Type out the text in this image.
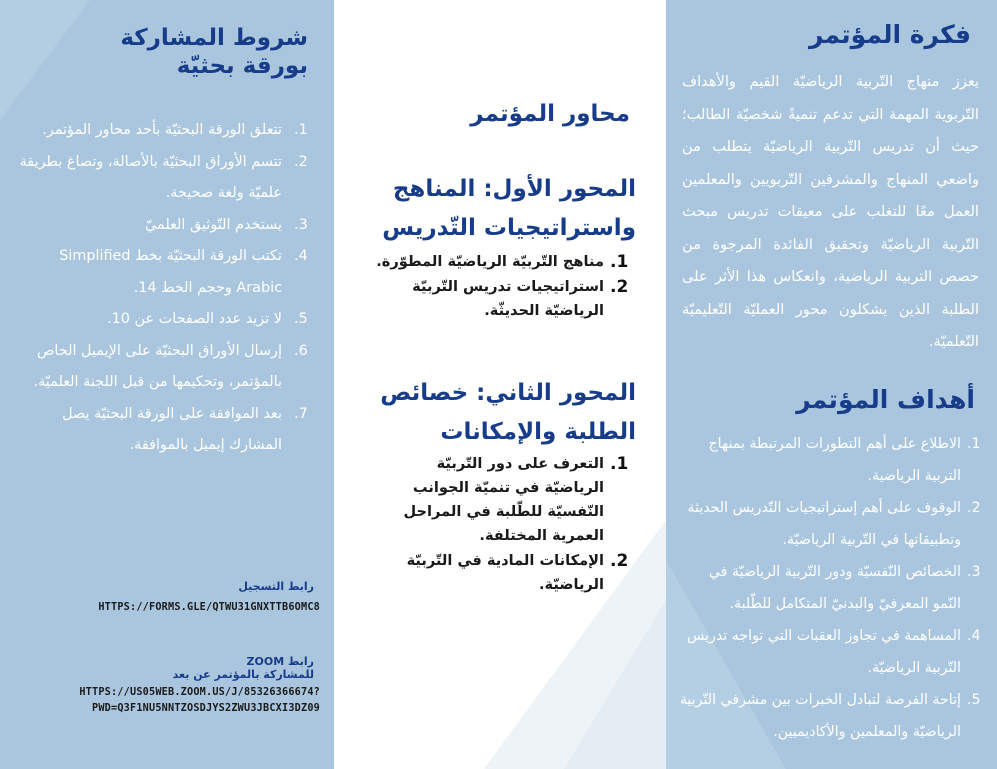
فكرة المؤتمر

يعزز منهاج التّربية الرياضيّة القيم والأهداف التّربوية المهمة التي تدعم تنميةً شخصيّة الطالب؛ حيث أن تدريس التّربية الرياضيّة يتطلب من واضعي المنهاج والمشرفين التّربويين والمعلمين العمل معًا للتغلب على معيقات تدريس مبحث التّربية الرياضيّة وتحقيق الفائدة المرجوة من حصص التربية الرياضية، وانعكاس هذا الأثر على الطلبة الذين يشكلون محور العمليّة التّعليميّة التّعلميّة.

أهداف المؤتمر
1.
الاطلاع على أهم التطورات المرتبطة بمنهاج التربية الرياضية.
2.
الوقوف على أهم إستراتيجيات التّدريس الحديثة وتطبيقاتها في التّربية الرياضيّة.
3.
الخصائص النّفسيّة ودور التّربية الرياضيّة في النّمو المعرفيّ والبدنيّ المتكامل للطّلبة.
4.
المساهمة في تجاوز العقبات التي تواجه تدريس التّربية الرياضيّة.
5.
إتاحة الفرصة لتبادل الخبرات بين مشرفي التّربية الرياضيّة والمعلمين والأكاديميين.
محاور المؤتمر
المحور الأول: المناهج واستراتيجيات التّدريس
1.
مناهج التّربيّة الرياضيّة المطوّرة.
2.
استراتيجيات تدريس التّربيّة الرياضيّة الحديثّة.
المحور الثاني: خصائص الطلبة والإمكانات
1.
التعرف على دور التّربيّة الرياضيّة في تنميّة الجوانب النّفسيّة للطّلبة في المراحل العمرية المختلفة.
2.
الإمكانات المادية في التّربيّة الرياضيّة.
شروط المشاركة
بورقة بحثيّة
1.
تتعلق الورقة البحثيّة بأحد محاور المؤتمر.
2.
تتسم الأوراق البحثيّة بالأصالة، وتصاغ بطريقة علميّة ولغة صحيحة.
3.
يستخدم التّوثيق العلميّ
4.
تكتب الورقة البحثيّة بخط Simplified Arabic وحجم الخط 14.
5.
لا تزيد عدد الصفحات عن 10.
6.
إرسال الأوراق البحثيّة على الإيميل الخاص بالمؤتمر، وتحكيمها من قبل اللجنة العلميّة.
7.
بعد الموافقة على الورقة البحثيّة يصل المشارك إيميل بالموافقة.

رابط التسجيل

HTTPS://FORMS.GLE/QTWU31GNXTTB6OMC8

رابط ZOOM

للمشاركة بالمؤتمر عن بعد

HTTPS://US05WEB.ZOOM.US/J/85326366674?

PWD=Q3F1NU5NNTZOSDJYS2ZWU3JBCXI3DZ09
